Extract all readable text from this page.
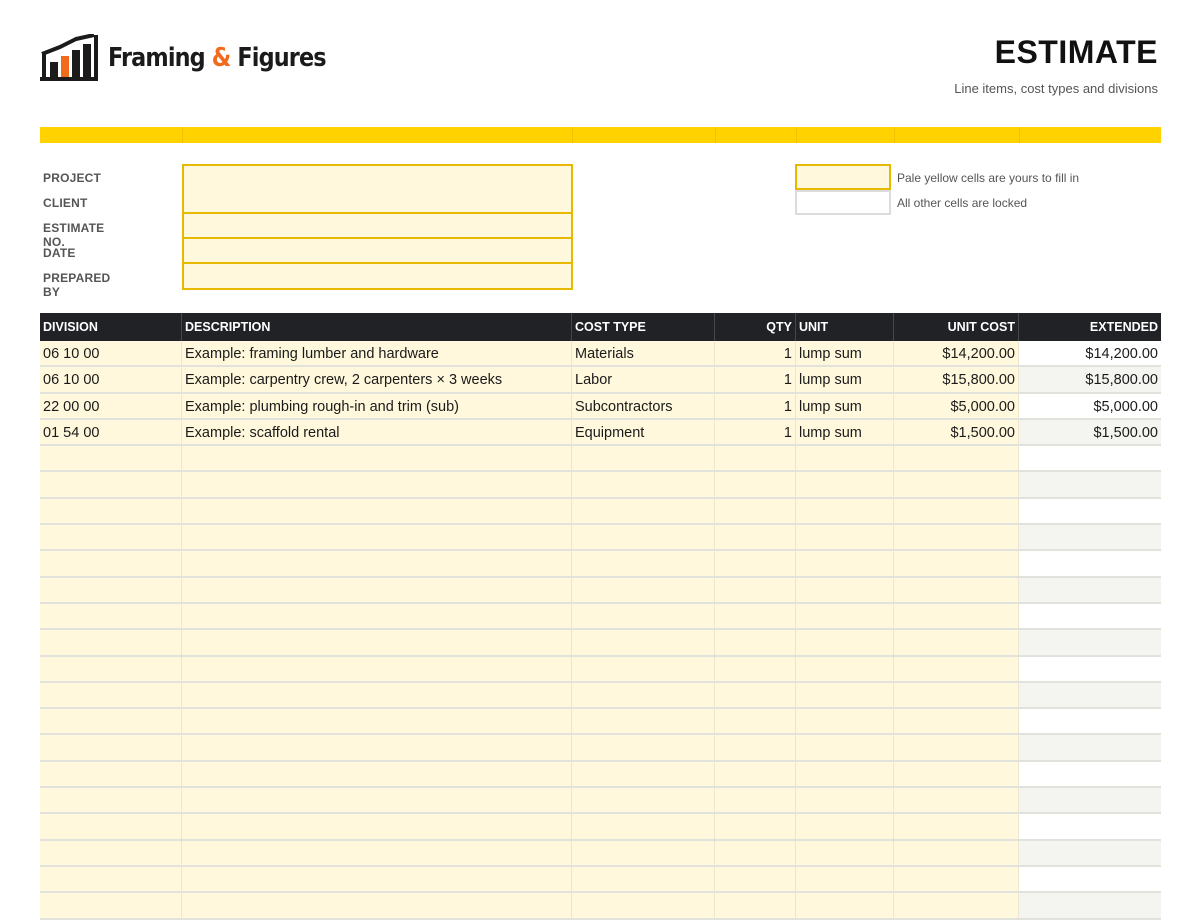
Framing & Figures	ESTIMATE
Line items, cost types and divisions
PROJECT
CLIENT
ESTIMATE NO.
DATE
PREPARED BY
Pale yellow cells are yours to fill in
All other cells are locked
DIVISION	DESCRIPTION	COST TYPE	QTY UNIT	UNIT COST	EXTENDED
06 10 00	Example: framing lumber and hardware	Materials	1 lump sum	$14,200.00	$14,200.00
06 10 00	Example: carpentry crew, 2 carpenters × 3 weeks	Labor	1 lump sum	$15,800.00	$15,800.00
22 00 00	Example: plumbing rough-in and trim (sub)	Subcontractors	1 lump sum	$5,000.00	$5,000.00
01 54 00	Example: scaffold rental	Equipment	1 lump sum	$1,500.00	$1,500.00
